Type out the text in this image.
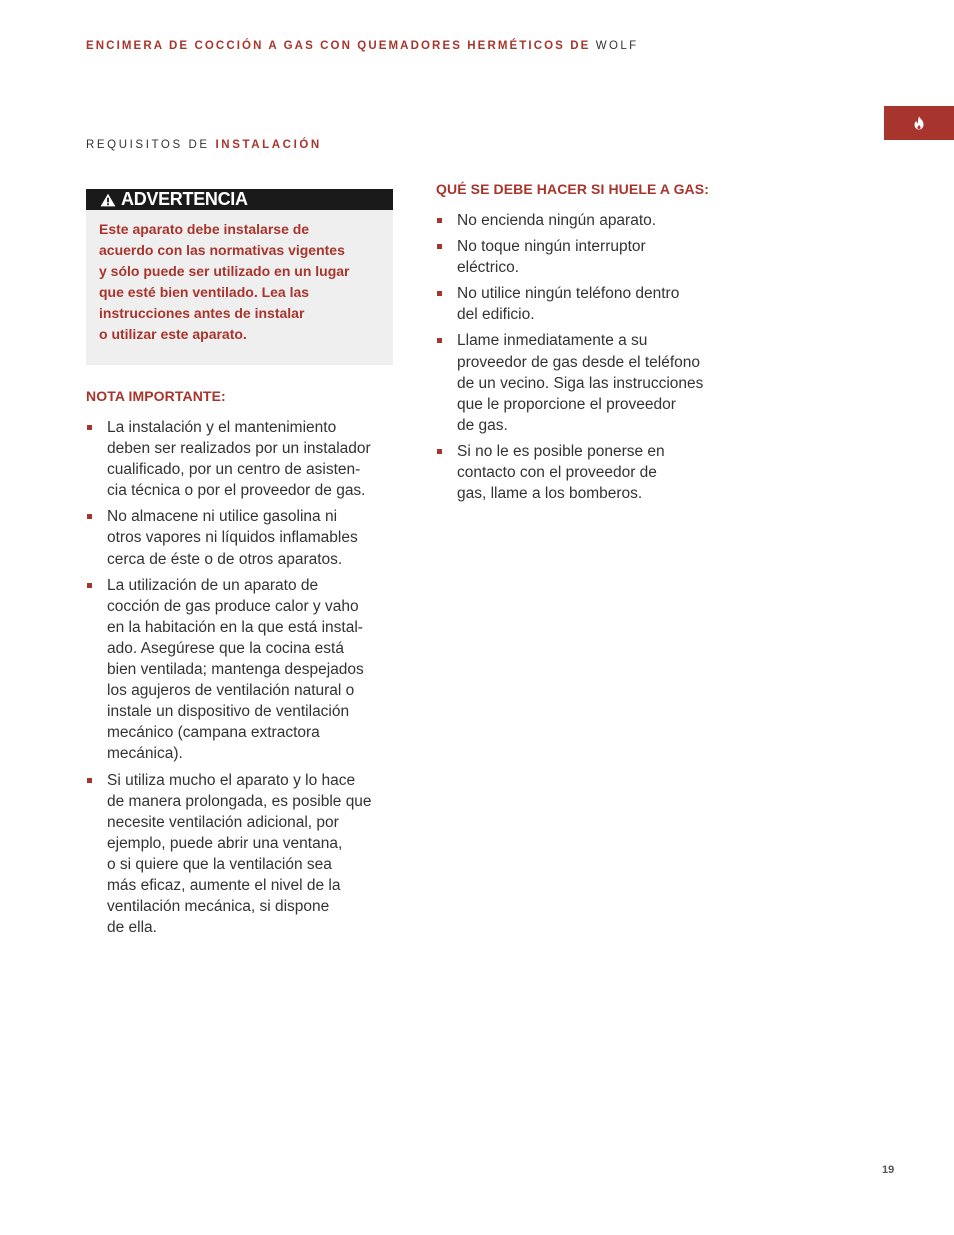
ENCIMERA DE COCCIÓN A GAS CON QUEMADORES HERMÉTICOS DE WOLF
REQUISITOS DE INSTALACIÓN
ADVERTENCIA

Este aparato debe instalarse de
acuerdo con las normativas vigentes
y sólo puede ser utilizado en un lugar
que esté bien ventilado. Lea las
instrucciones antes de instalar
o utilizar este aparato.

NOTA IMPORTANTE:
La instalación y el mantenimiento
deben ser realizados por un instalador
cualificado, por un centro de asisten-
cia técnica o por el proveedor de gas.
No almacene ni utilice gasolina ni
otros vapores ni líquidos inflamables
cerca de éste o de otros aparatos.
La utilización de un aparato de
cocción de gas produce calor y vaho
en la habitación en la que está instal-
ado. Asegúrese que la cocina está
bien ventilada; mantenga despejados
los agujeros de ventilación natural o
instale un dispositivo de ventilación
mecánico (campana extractora
mecánica).
Si utiliza mucho el aparato y lo hace
de manera prolongada, es posible que
necesite ventilación adicional, por
ejemplo, puede abrir una ventana,
o si quiere que la ventilación sea
más eficaz, aumente el nivel de la
ventilación mecánica, si dispone
de ella.
QUÉ SE DEBE HACER SI HUELE A GAS:
No encienda ningún aparato.
No toque ningún interruptor
eléctrico.
No utilice ningún teléfono dentro
del edificio.
Llame inmediatamente a su
proveedor de gas desde el teléfono
de un vecino. Siga las instrucciones
que le proporcione el proveedor
de gas.
Si no le es posible ponerse en
contacto con el proveedor de
gas, llame a los bomberos.
19
